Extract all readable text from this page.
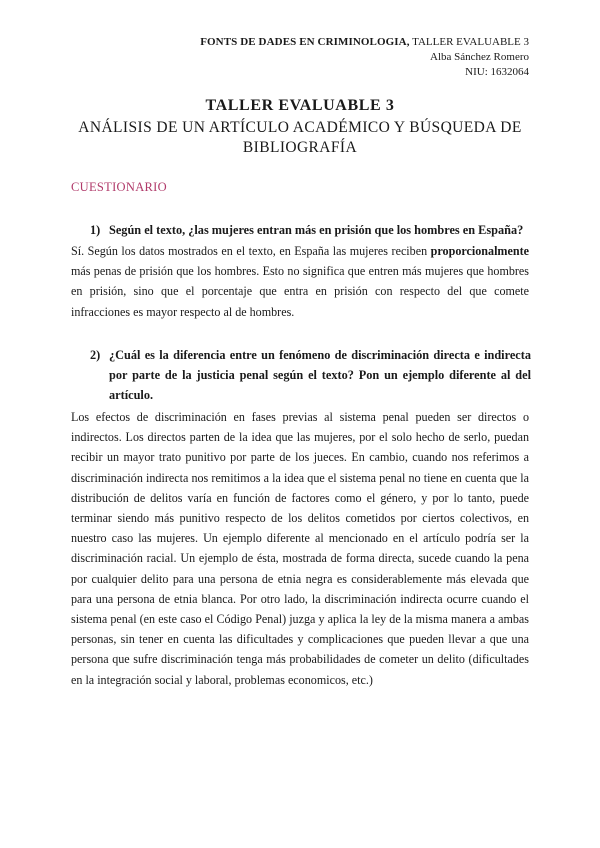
FONTS DE DADES EN CRIMINOLOGIA, TALLER EVALUABLE 3
Alba Sánchez Romero
NIU: 1632064
TALLER EVALUABLE 3
ANÁLISIS DE UN ARTÍCULO ACADÉMICO Y BÚSQUEDA DE BIBLIOGRAFÍA
CUESTIONARIO
1) Según el texto, ¿las mujeres entran más en prisión que los hombres en España?
Sí. Según los datos mostrados en el texto, en España las mujeres reciben proporcionalmente más penas de prisión que los hombres. Esto no significa que entren más mujeres que hombres en prisión, sino que el porcentaje que entra en prisión con respecto del que comete infracciones es mayor respecto al de hombres.
2) ¿Cuál es la diferencia entre un fenómeno de discriminación directa e indirecta por parte de la justicia penal según el texto? Pon un ejemplo diferente al del artículo.
Los efectos de discriminación en fases previas al sistema penal pueden ser directos o indirectos. Los directos parten de la idea que las mujeres, por el solo hecho de serlo, puedan recibir un mayor trato punitivo por parte de los jueces. En cambio, cuando nos referimos a discriminación indirecta nos remitimos a la idea que el sistema penal no tiene en cuenta que la distribución de delitos varía en función de factores como el género, y por lo tanto, puede terminar siendo más punitivo respecto de los delitos cometidos por ciertos colectivos, en nuestro caso las mujeres. Un ejemplo diferente al mencionado en el artículo podría ser la discriminación racial. Un ejemplo de ésta, mostrada de forma directa, sucede cuando la pena por cualquier delito para una persona de etnia negra es considerablemente más elevada que para una persona de etnia blanca. Por otro lado, la discriminación indirecta ocurre cuando el sistema penal (en este caso el Código Penal) juzga y aplica la ley de la misma manera a ambas personas, sin tener en cuenta las dificultades y complicaciones que pueden llevar a que una persona que sufre discriminación tenga más probabilidades de cometer un delito (dificultades en la integración social y laboral, problemas economicos, etc.)
